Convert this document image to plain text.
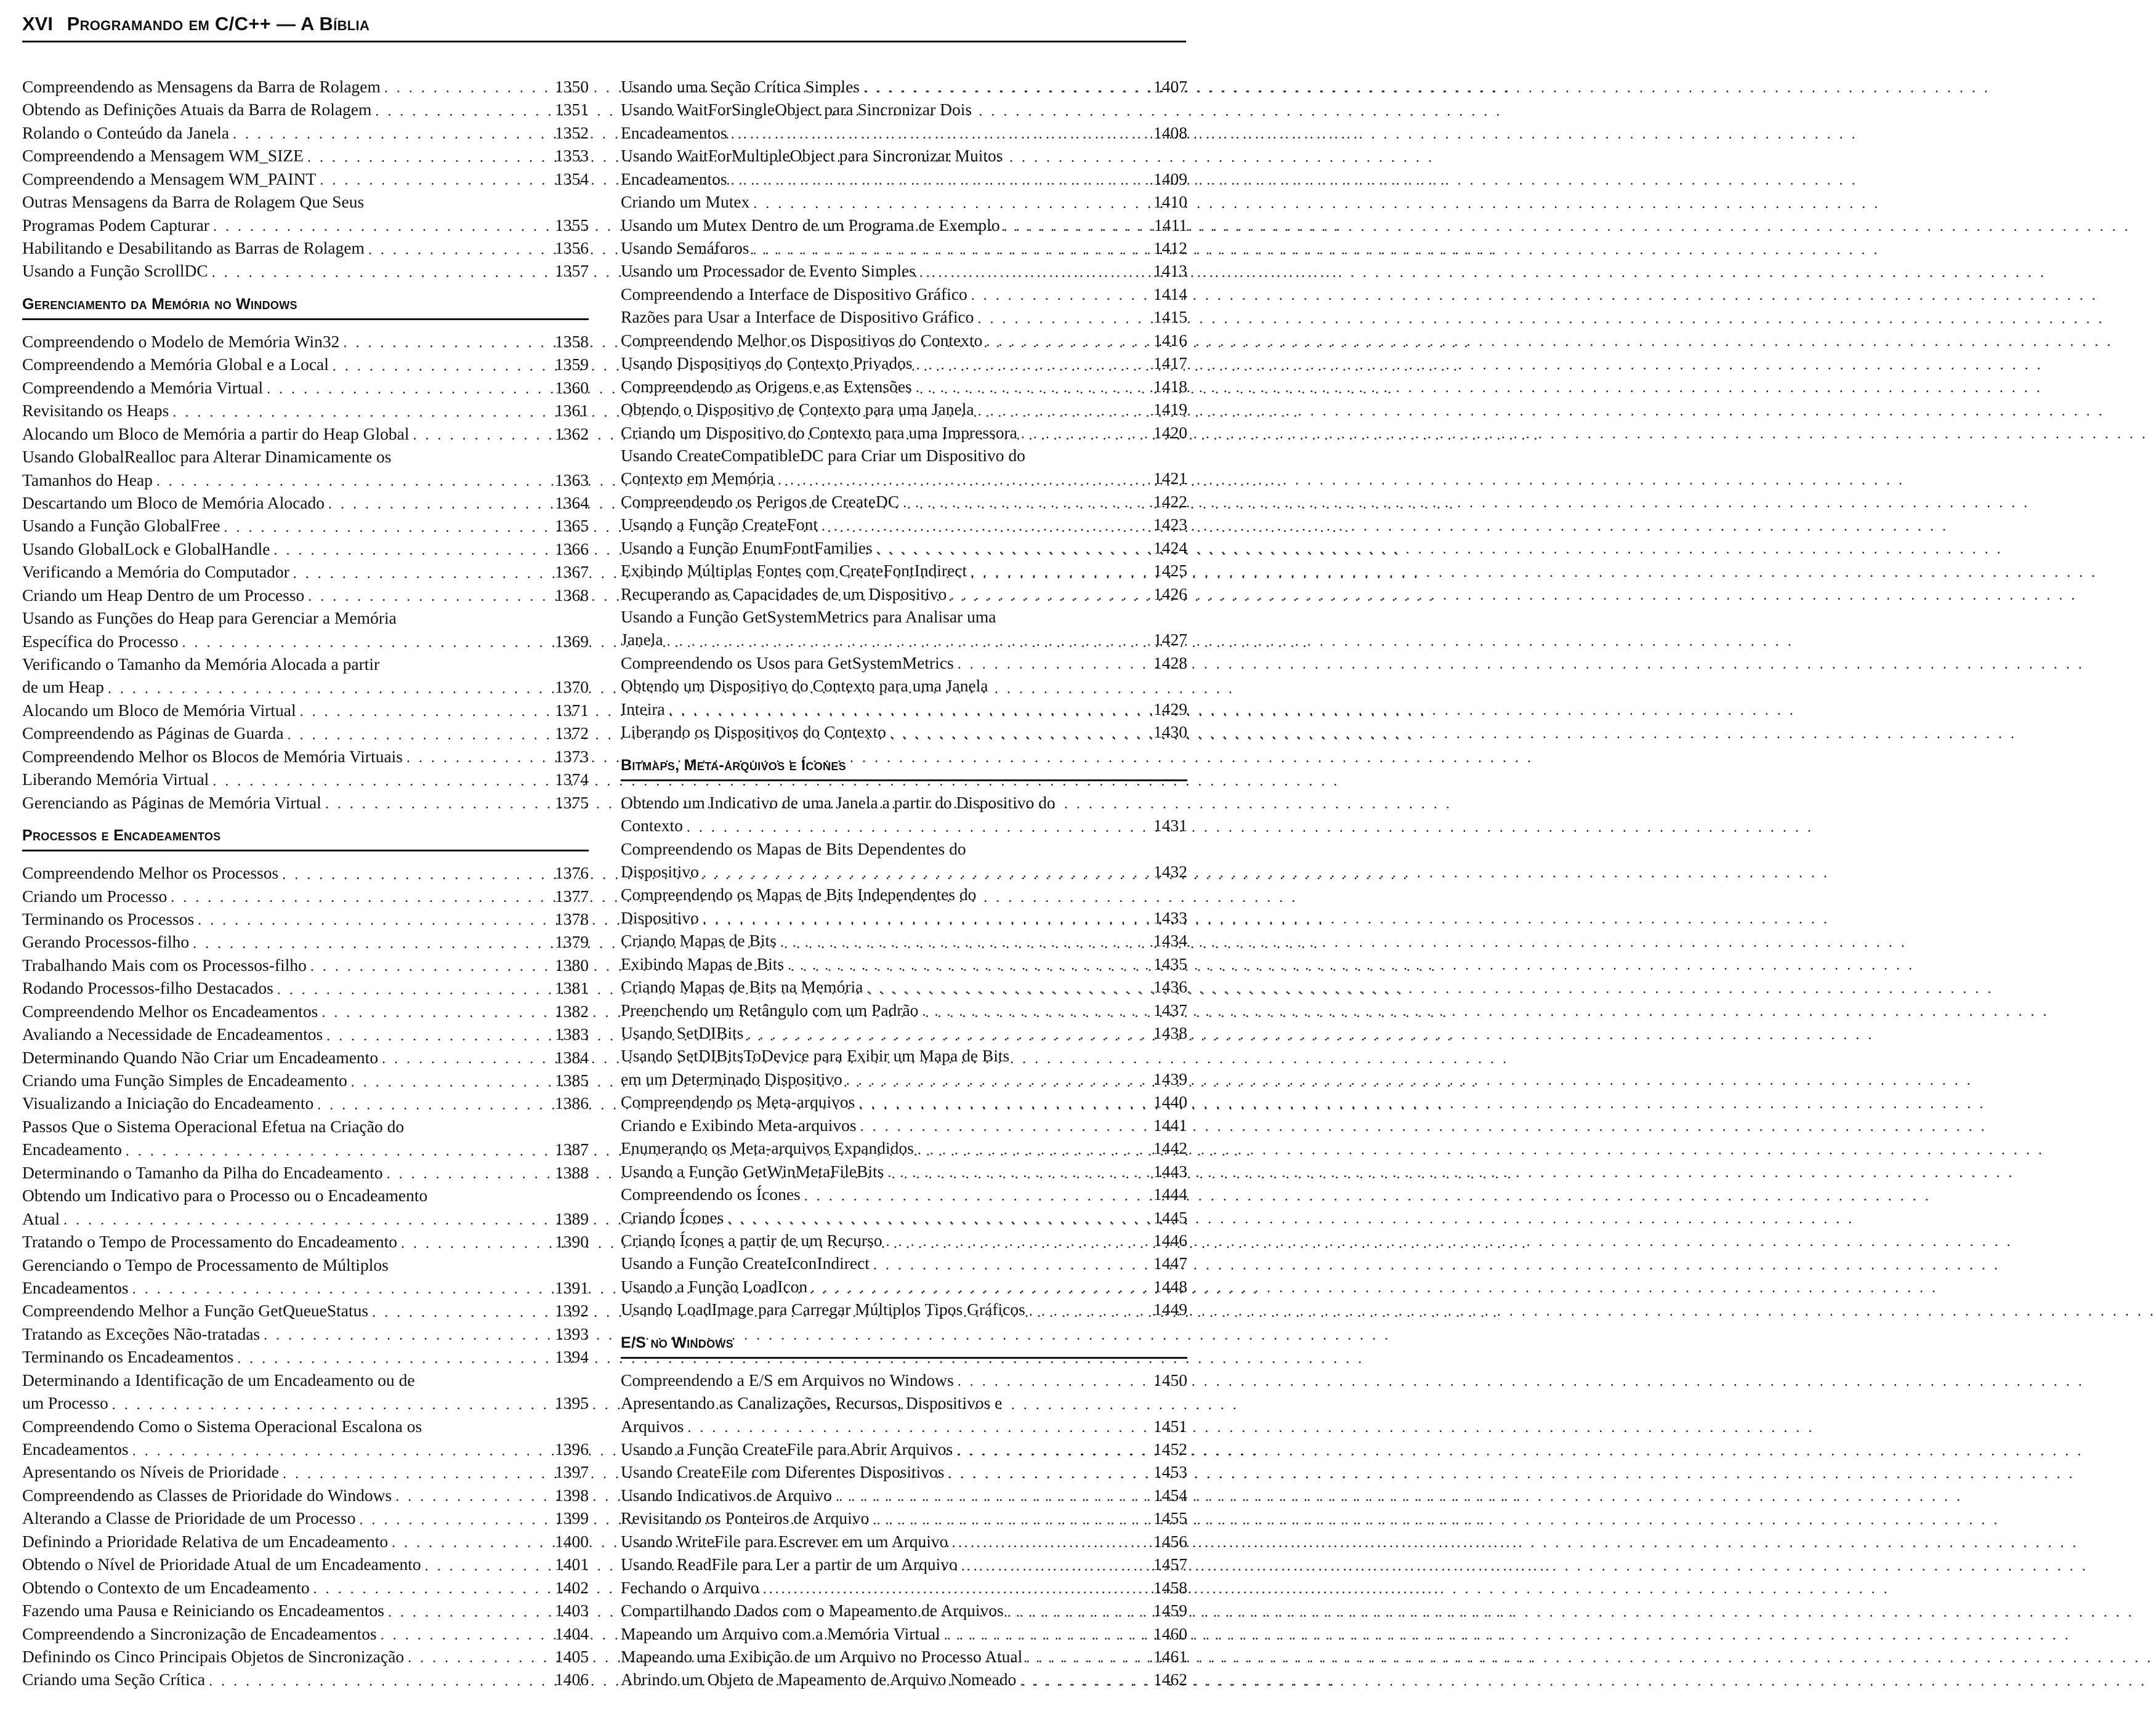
XVI Programando em C/C++ — A Bíblia
Compreendendo as Mensagens da Barra de Rolagem . . .	1350
Obtendo as Definições Atuais da Barra de Rolagem . . .	1351
Rolando o Conteúdo da Janela . . .	1352
Compreendendo a Mensagem WM_SIZE . . .	1353
Compreendendo a Mensagem WM_PAINT . . .	1354
Outras Mensagens da Barra de Rolagem Que Seus
Programas Podem Capturar . . .	1355
Habilitando e Desabilitando as Barras de Rolagem . . .	1356
Usando a Função ScrollDC . . .	1357
Gerenciamento da Memória no Windows
Compreendendo o Modelo de Memória Win32 . . .	1358
Compreendendo a Memória Global e a Local . . .	1359
Compreendendo a Memória Virtual . . .	1360
Revisitando os Heaps . . .	1361
Alocando um Bloco de Memória a partir do Heap Global . . .	1362
Usando GlobalRealloc para Alterar Dinamicamente os
Tamanhos do Heap . . .	1363
Descartando um Bloco de Memória Alocado . . .	1364
Usando a Função GlobalFree . . .	1365
Usando GlobalLock e GlobalHandle . . .	1366
Verificando a Memória do Computador . . .	1367
Criando um Heap Dentro de um Processo . . .	1368
Usando as Funções do Heap para Gerenciar a Memória
Específica do Processo . . .	1369
Verificando o Tamanho da Memória Alocada a partir
de um Heap . . .	1370
Alocando um Bloco de Memória Virtual . . .	1371
Compreendendo as Páginas de Guarda . . .	1372
Compreendendo Melhor os Blocos de Memória Virtuais . . .	1373
Liberando Memória Virtual . . .	1374
Gerenciando as Páginas de Memória Virtual . . .	1375
Processos e Encadeamentos
Compreendendo Melhor os Processos . . .	1376
Criando um Processo . . .	1377
Terminando os Processos . . .	1378
Gerando Processos-filho . . .	1379
Trabalhando Mais com os Processos-filho . . .	1380
Rodando Processos-filho Destacados . . .	1381
Compreendendo Melhor os Encadeamentos . . .	1382
Avaliando a Necessidade de Encadeamentos . . .	1383
Determinando Quando Não Criar um Encadeamento . . .	1384
Criando uma Função Simples de Encadeamento . . .	1385
Visualizando a Iniciação do Encadeamento . . .	1386
Passos Que o Sistema Operacional Efetua na Criação do
Encadeamento . . .	1387
Determinando o Tamanho da Pilha do Encadeamento . . .	1388
Obtendo um Indicativo para o Processo ou o Encadeamento
Atual . . .	1389
Tratando o Tempo de Processamento do Encadeamento . . .	1390
Gerenciando o Tempo de Processamento de Múltiplos
Encadeamentos . . .	1391
Compreendendo Melhor a Função GetQueueStatus . . .	1392
Tratando as Exceções Não-tratadas . . .	1393
Terminando os Encadeamentos . . .	1394
Determinando a Identificação de um Encadeamento ou de
um Processo . . .	1395
Compreendendo Como o Sistema Operacional Escalona os
Encadeamentos . . .	1396
Apresentando os Níveis de Prioridade . . .	1397
Compreendendo as Classes de Prioridade do Windows . . .	1398
Alterando a Classe de Prioridade de um Processo . . .	1399
Definindo a Prioridade Relativa de um Encadeamento . . .	1400
Obtendo o Nível de Prioridade Atual de um Encadeamento . . .	1401
Obtendo o Contexto de um Encadeamento . . .	1402
Fazendo uma Pausa e Reiniciando os Encadeamentos . . .	1403
Compreendendo a Sincronização de Encadeamentos . . .	1404
Definindo os Cinco Principais Objetos de Sincronização . . .	1405
Criando uma Seção Crítica . . .	1406
Usando uma Seção Crítica Simples . . .	1407
Usando WaitForSingleObject para Sincronizar Dois
Encadeamentos . . .	1408
Usando WaitForMultipleObject para Sincronizar Muitos
Encadeamentos . . .	1409
Criando um Mutex . . .	1410
Usando um Mutex Dentro de um Programa de Exemplo . . .	1411
Usando Semáforos . . .	1412
Usando um Processador de Evento Simples . . .	1413
Compreendendo a Interface de Dispositivo Gráfico . . .	1414
Razões para Usar a Interface de Dispositivo Gráfico . . .	1415
Compreendendo Melhor os Dispositivos do Contexto . . .	1416
Usando Dispositivos do Contexto Privados . . .	1417
Compreendendo as Origens e as Extensões . . .	1418
Obtendo o Dispositivo de Contexto para uma Janela . . .	1419
Criando um Dispositivo do Contexto para uma Impressora . . .	1420
Usando CreateCompatibleDC para Criar um Dispositivo do
Contexto em Memória . . .	1421
Compreendendo os Perigos de CreateDC . . .	1422
Usando a Função CreateFont . . .	1423
Usando a Função EnumFontFamilies . . .	1424
Exibindo Múltiplas Fontes com CreateFontIndirect . . .	1425
Recuperando as Capacidades de um Dispositivo . . .	1426
Usando a Função GetSystemMetrics para Analisar uma
Janela . . .	1427
Compreendendo os Usos para GetSystemMetrics . . .	1428
Obtendo um Dispositivo do Contexto para uma Janela
Inteira . . .	1429
Liberando os Dispositivos do Contexto . . .	1430
Bitmaps, Meta-arquivos e Ícones
Obtendo um Indicativo de uma Janela a partir do Dispositivo do
Contexto . . .	1431
Compreendendo os Mapas de Bits Dependentes do
Dispositivo . . .	1432
Compreendendo os Mapas de Bits Independentes do
Dispositivo . . .	1433
Criando Mapas de Bits . . .	1434
Exibindo Mapas de Bits . . .	1435
Criando Mapas de Bits na Memória . . .	1436
Preenchendo um Retângulo com um Padrão . . .	1437
Usando SetDIBits . . .	1438
Usando SetDIBitsToDevice para Exibir um Mapa de Bits
em um Determinado Dispositivo . . .	1439
Compreendendo os Meta-arquivos . . .	1440
Criando e Exibindo Meta-arquivos . . .	1441
Enumerando os Meta-arquivos Expandidos . . .	1442
Usando a Função GetWinMetaFileBits . . .	1443
Compreendendo os Ícones . . .	1444
Criando Ícones . . .	1445
Criando Ícones a partir de um Recurso . . .	1446
Usando a Função CreateIconIndirect . . .	1447
Usando a Função LoadIcon . . .	1448
Usando LoadImage para Carregar Múltiplos Tipos Gráficos . . .	1449
E/S no Windows
Compreendendo a E/S em Arquivos no Windows . . .	1450
Apresentando as Canalizações, Recursos, Dispositivos e
Arquivos . . .	1451
Usando a Função CreateFile para Abrir Arquivos . . .	1452
Usando CreateFile com Diferentes Dispositivos . . .	1453
Usando Indicativos de Arquivo . . .	1454
Revisitando os Ponteiros de Arquivo . . .	1455
Usando WriteFile para Escrever em um Arquivo . . .	1456
Usando ReadFile para Ler a partir de um Arquivo . . .	1457
Fechando o Arquivo . . .	1458
Compartilhando Dados com o Mapeamento de Arquivos . . .	1459
Mapeando um Arquivo com a Memória Virtual . . .	1460
Mapeando uma Exibição de um Arquivo no Processo Atual . . .	1461
Abrindo um Objeto de Mapeamento de Arquivo Nomeado . . .	1462
